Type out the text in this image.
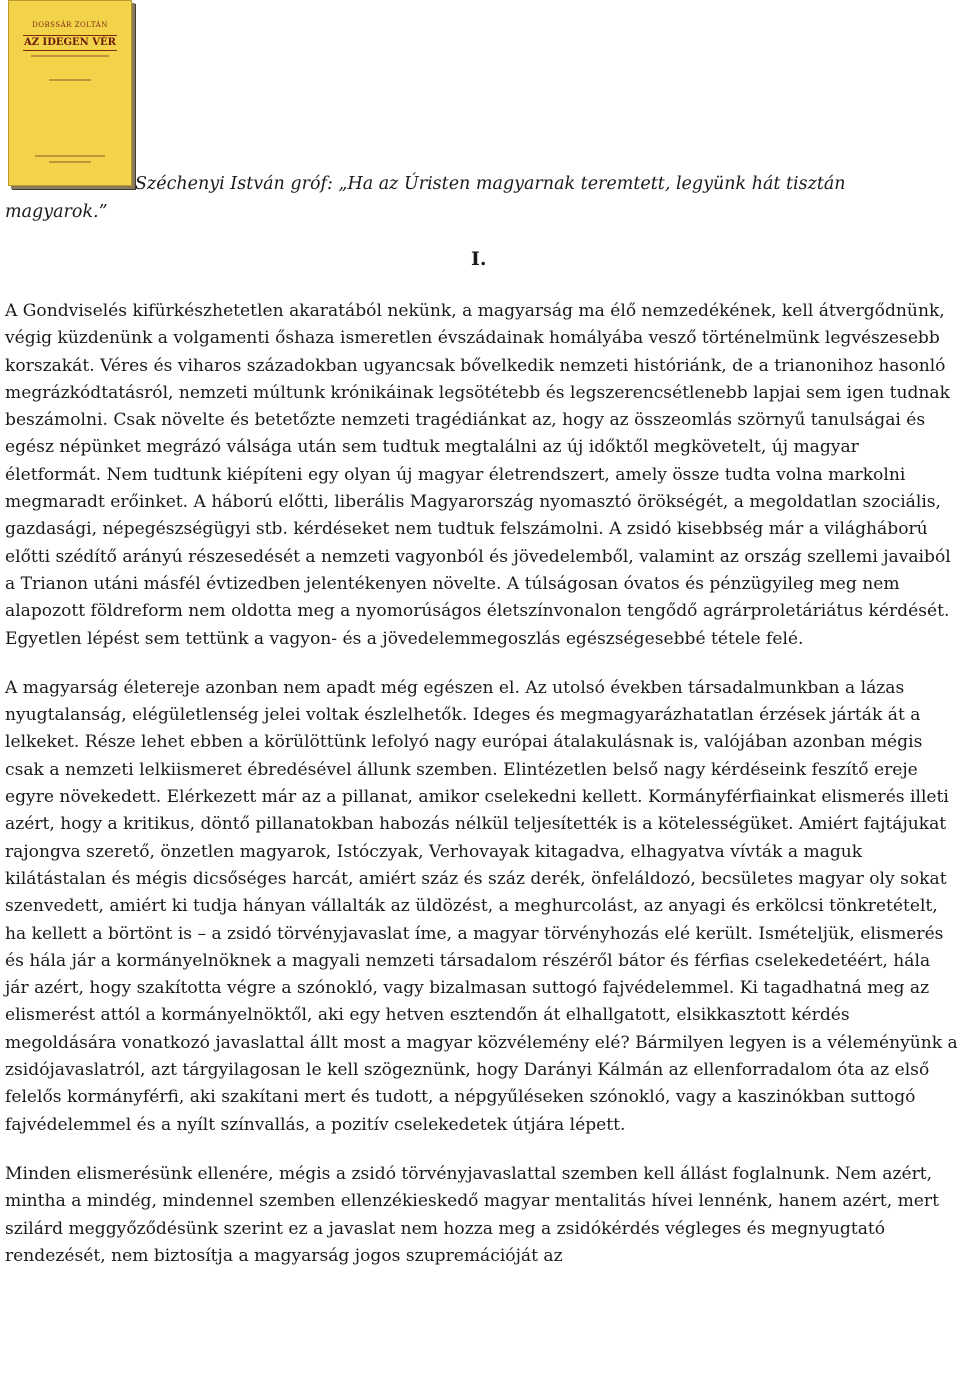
DOBSSÁR ZOLTÁN
AZ IDEGEN VÉR
Széchenyi István gróf: „Ha az Úristen magyarnak teremtett, legyünk hát tisztán magyarok.”
I.

A Gondviselés kifürkészhetetlen akaratából nekünk, a magyarság ma élő nemzedékének, kell átvergődnünk, végig küzdenünk a volgamenti őshaza ismeretlen évszádainak homályába vesző történelmünk legvészesebb korszakát. Véres és viharos századokban ugyancsak bővelkedik nemzeti históriánk, de a trianonihoz hasonló megrázkódtatásról, nemzeti múltunk krónikáinak legsötétebb és legszerencsétlenebb lapjai sem igen tudnak beszámolni. Csak növelte és betetőzte nemzeti tragédiánkat az, hogy az összeomlás szörnyű tanulságai és egész népünket megrázó válsága után sem tudtuk megtalálni az új időktől megkövetelt, új magyar életformát. Nem tudtunk kiépíteni egy olyan új magyar életrendszert, amely össze tudta volna markolni megmaradt erőinket. A háború előtti, liberális Magyarország nyomasztó örökségét, a megoldatlan szociális, gazdasági, népegészségügyi stb. kérdéseket nem tudtuk felszámolni. A zsidó kisebbség már a világháború előtti szédítő arányú részesedését a nemzeti vagyonból és jövedelemből, valamint az ország szellemi javaiból a Trianon utáni másfél évtizedben jelentékenyen növelte. A túlságosan óvatos és pénzügyileg meg nem alapozott földreform nem oldotta meg a nyomorúságos életszínvonalon tengődő agrárproletáriátus kérdését. Egyetlen lépést sem tettünk a vagyon- és a jövedelemmegoszlás egészségesebbé tétele felé.

A magyarság életereje azonban nem apadt még egészen el. Az utolsó években társadalmunkban a lázas nyugtalanság, elégületlenség jelei voltak észlelhetők. Ideges és megmagyarázhatatlan érzések járták át a lelkeket. Része lehet ebben a körülöttünk lefolyó nagy európai átalakulásnak is, valójában azonban mégis csak a nemzeti lelkiismeret ébredésével állunk szemben. Elintézetlen belső nagy kérdéseink feszítő ereje egyre növekedett. Elérkezett már az a pillanat, amikor cselekedni kellett. Kormányférfiainkat elismerés illeti azért, hogy a kritikus, döntő pillanatokban habozás nélkül teljesítették is a kötelességüket. Amiért fajtájukat rajongva szerető, önzetlen magyarok, Istóczyak, Verhovayak kitagadva, elhagyatva vívták a maguk kilátástalan és mégis dicsőséges harcát, amiért száz és száz derék, önfeláldozó, becsületes magyar oly sokat szenvedett, amiért ki tudja hányan vállalták az üldözést, a meghurcolást, az anyagi és erkölcsi tönkretételt, ha kellett a börtönt is – a zsidó törvényjavaslat íme, a magyar törvényhozás elé került. Ismételjük, elismerés és hála jár a kormányelnöknek a magyali nemzeti társadalom részéről bátor és férfias cselekedetéért, hála jár azért, hogy szakította végre a szónokló, vagy bizalmasan suttogó fajvédelemmel. Ki tagadhatná meg az elismerést attól a kormányelnöktől, aki egy hetven esztendőn át elhallgatott, elsikkasztott kérdés megoldására vonatkozó javaslattal állt most a magyar közvélemény elé? Bármilyen legyen is a véleményünk a zsidójavaslatról, azt tárgyilagosan le kell szögeznünk, hogy Darányi Kálmán az ellenforradalom óta az első felelős kormányférfi, aki szakítani mert és tudott, a népgyűléseken szónokló, vagy a kaszinókban suttogó fajvédelemmel és a nyílt színvallás, a pozitív cselekedetek útjára lépett.

Minden elismerésünk ellenére, mégis a zsidó törvényjavaslattal szemben kell állást foglalnunk. Nem azért, mintha a mindég, mindennel szemben ellenzékieskedő magyar mentalitás hívei lennénk, hanem azért, mert szilárd meggyőződésünk szerint ez a javaslat nem hozza meg a zsidókérdés végleges és megnyugtató rendezését, nem biztosítja a magyarság jogos szupremációját az
